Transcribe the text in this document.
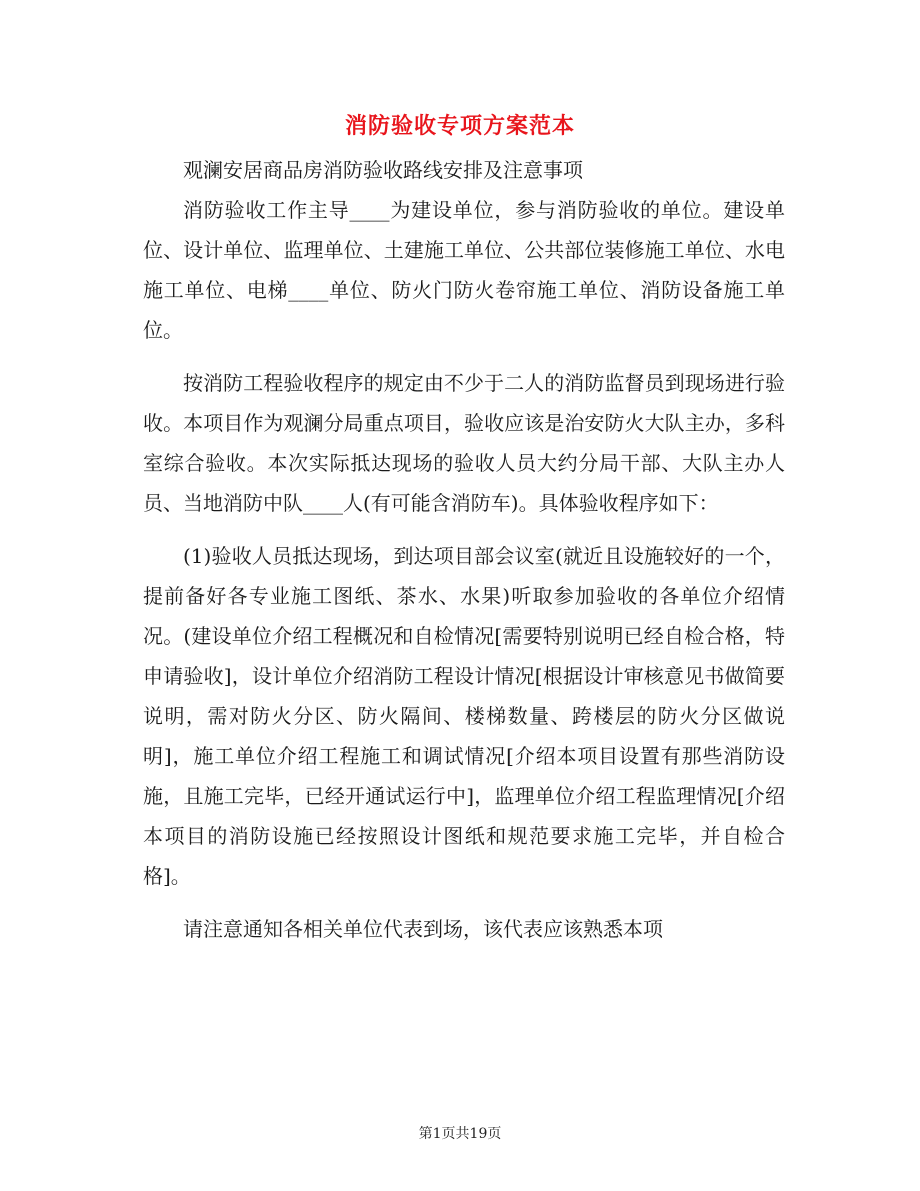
消防验收专项方案范本

观澜安居商品房消防验收路线安排及注意事项

消防验收工作主导____为建设单位，参与消防验收的单位。建设单位、设计单位、监理单位、土建施工单位、公共部位装修施工单位、水电施工单位、电梯____单位、防火门防火卷帘施工单位、消防设备施工单位。

按消防工程验收程序的规定由不少于二人的消防监督员到现场进行验收。本项目作为观澜分局重点项目，验收应该是治安防火大队主办，多科室综合验收。本次实际抵达现场的验收人员大约分局干部、大队主办人员、当地消防中队____人(有可能含消防车)。具体验收程序如下：

(1)验收人员抵达现场，到达项目部会议室(就近且设施较好的一个，提前备好各专业施工图纸、茶水、水果)听取参加验收的各单位介绍情况。(建设单位介绍工程概况和自检情况[需要特别说明已经自检合格，特申请验收]，设计单位介绍消防工程设计情况[根据设计审核意见书做简要说明，需对防火分区、防火隔间、楼梯数量、跨楼层的防火分区做说明]，施工单位介绍工程施工和调试情况[介绍本项目设置有那些消防设施，且施工完毕，已经开通试运行中]，监理单位介绍工程监理情况[介绍本项目的消防设施已经按照设计图纸和规范要求施工完毕，并自检合格]。

请注意通知各相关单位代表到场，该代表应该熟悉本项

第1页共19页
